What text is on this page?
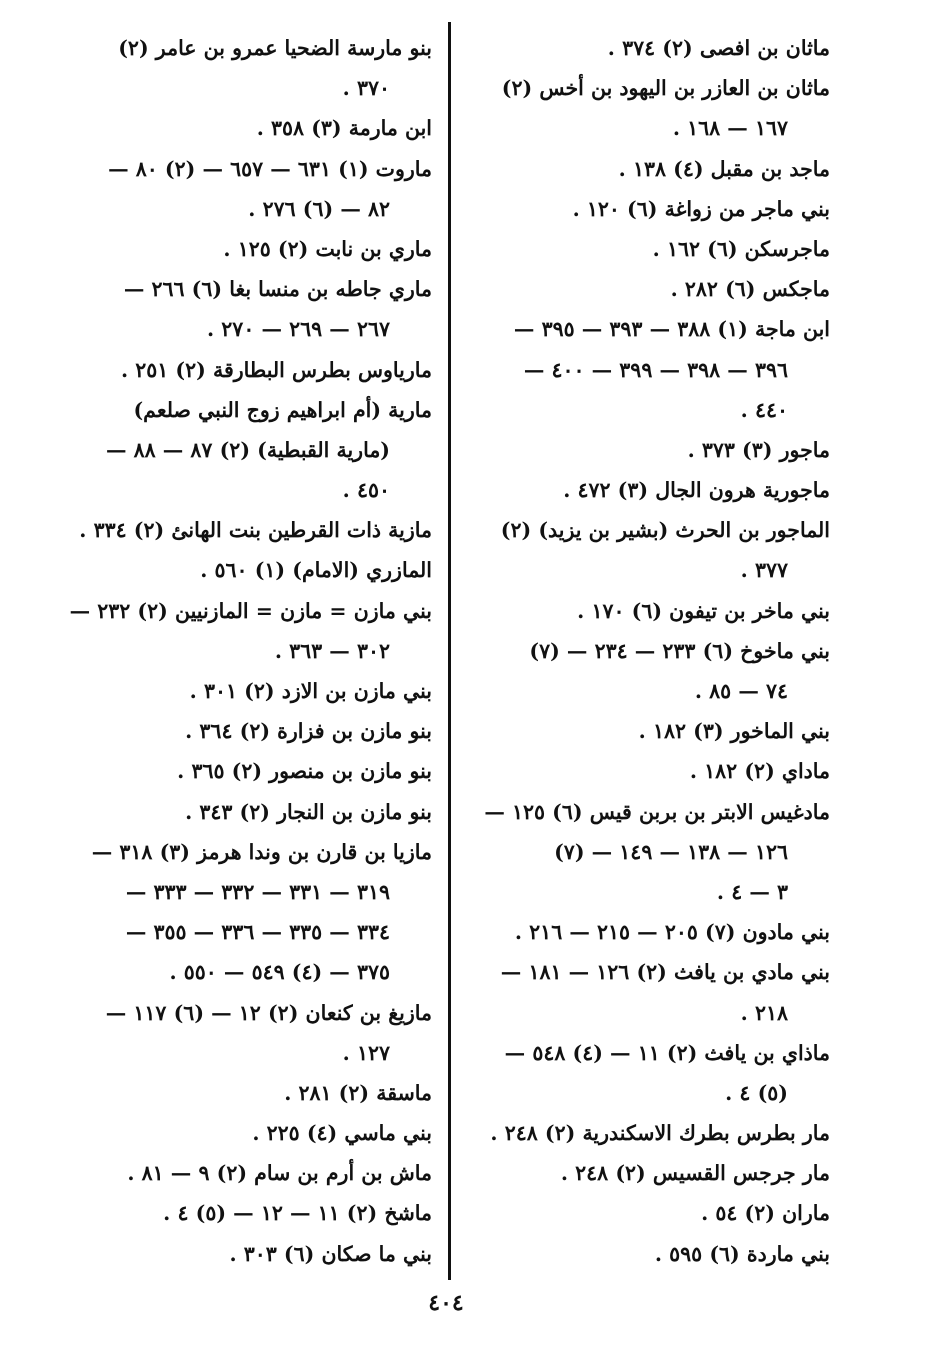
ماثان بن افصى (٢) ٣٧٤ .
ماثان بن العازر بن اليهود بن أخس (٢)
١٦٧ — ١٦٨ .
ماجد بن مقبل (٤) ١٣٨ .
بني ماجر من زواغة (٦) ١٢٠ .
ماجرسكن (٦) ١٦٢ .
ماجكس (٦) ٢٨٢ .
ابن ماجة (١) ٣٨٨ — ٣٩٣ — ٣٩٥ —
٣٩٦ — ٣٩٨ — ٣٩٩ — ٤٠٠ —
٤٤٠ .
ماجور (٣) ٣٧٣ .
ماجورية هرون الجال (٣) ٤٧٢ .
الماجور بن الحرث (بشير بن يزيد) (٢)
٣٧٧ .
بني ماخر بن تيفون (٦) ١٧٠ .
بني ماخوخ (٦) ٢٣٣ — ٢٣٤ — (٧)
٧٤ — ٨٥ .
بني الماخور (٣) ١٨٢ .
ماداي (٢) ١٨٢ .
مادغيس الابتر بن بربن قيس (٦) ١٢٥ —
١٢٦ — ١٣٨ — ١٤٩ — (٧)
٣ — ٤ .
بني مادون (٧) ٢٠٥ — ٢١٥ — ٢١٦ .
بني مادي بن يافث (٢) ١٢٦ — ١٨١ —
٢١٨ .
ماذاي بن يافث (٢) ١١ — (٤) ٥٤٨ —
(٥) ٤ .
مار بطرس بطرك الاسكندرية (٢) ٢٤٨ .
مار جرجس القسيس (٢) ٢٤٨ .
ماران (٢) ٥٤ .
بني ماردة (٦) ٥٩٥ .
بنو مارسة الضحيا عمرو بن عامر (٢)
٣٧٠ .
ابن مارمة (٣) ٣٥٨ .
ماروت (١) ٦٣١ — ٦٥٧ — (٢) ٨٠ —
٨٢ — (٦) ٢٧٦ .
ماري بن نابت (٢) ١٢٥ .
ماري جاطه بن منسا بغا (٦) ٢٦٦ —
٢٦٧ — ٢٦٩ — ٢٧٠ .
مارياوس بطرس البطارقة (٢) ٢٥١ .
مارية (أم ابراهيم زوج النبي صلعم)
(مارية القبطية) (٢) ٨٧ — ٨٨ —
٤٥٠ .
مازية ذات القرطين بنت الهانئ (٢) ٣٣٤ .
المازري (الامام) (١) ٥٦٠ .
بني مازن = مازن = المازنيين (٢) ٢٣٢ —
٣٠٢ — ٣٦٣ .
بني مازن بن الازد (٢) ٣٠١ .
بنو مازن بن فزارة (٢) ٣٦٤ .
بنو مازن بن منصور (٢) ٣٦٥ .
بنو مازن بن النجار (٢) ٣٤٣ .
مازيا بن قارن بن وندا هرمز (٣) ٣١٨ —
٣١٩ — ٣٣١ — ٣٣٢ — ٣٣٣ —
٣٣٤ — ٣٣٥ — ٣٣٦ — ٣٥٥ —
٣٧٥ — (٤) ٥٤٩ — ٥٥٠ .
مازيغ بن كنعان (٢) ١٢ — (٦) ١١٧ —
١٢٧ .
ماسقة (٢) ٢٨١ .
بني ماسي (٤) ٢٢٥ .
ماش بن أرم بن سام (٢) ٩ — ٨١ .
ماشخ (٢) ١١ — ١٢ — (٥) ٤ .
بني ما صكان (٦) ٣٠٣ .
٤٠٤
